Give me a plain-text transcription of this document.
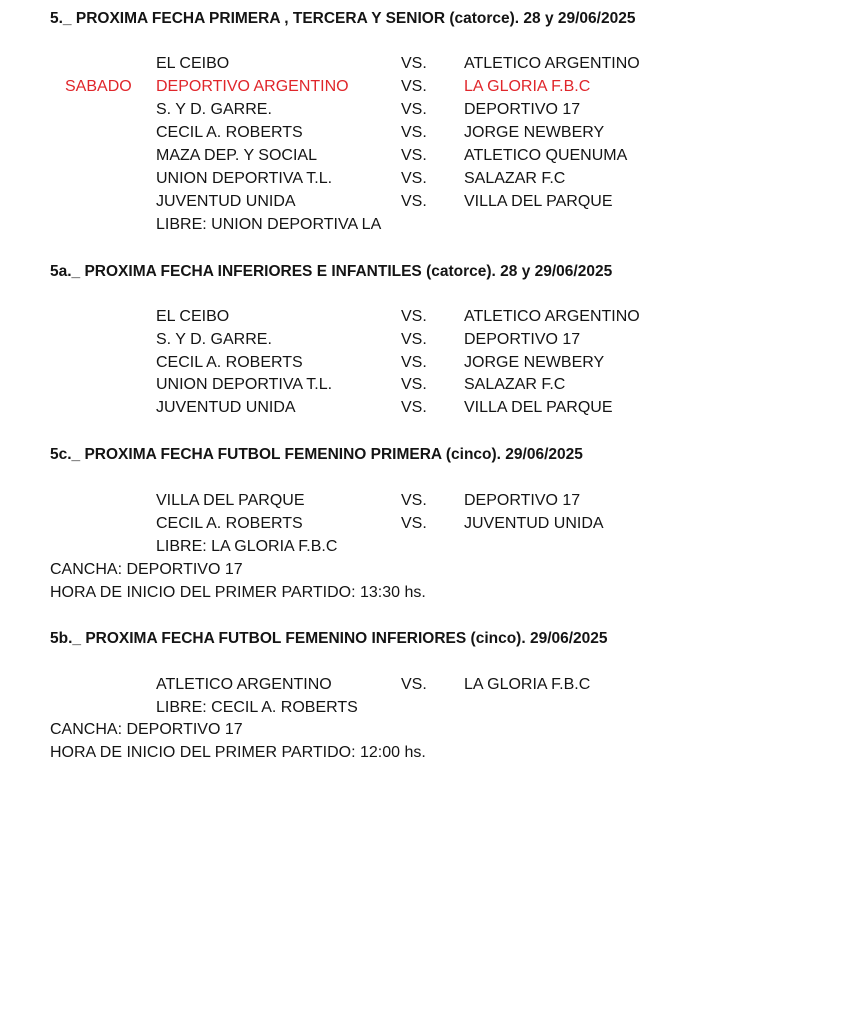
5._ PROXIMA FECHA PRIMERA , TERCERA Y SENIOR (catorce). 28 y 29/06/2025
EL CEIBO	VS. ATLETICO ARGENTINO
SABADO DEPORTIVO ARGENTINO	VS. LA GLORIA F.B.C
S. Y D. GARRE.	VS. DEPORTIVO 17
CECIL A. ROBERTS	VS. JORGE NEWBERY
MAZA DEP. Y SOCIAL	VS. ATLETICO QUENUMA
UNION DEPORTIVA T.L.	VS. SALAZAR F.C
JUVENTUD UNIDA	VS. VILLA DEL PARQUE
LIBRE: UNION DEPORTIVA LA
5a._ PROXIMA FECHA INFERIORES E INFANTILES (catorce). 28 y 29/06/2025
EL CEIBO	VS. ATLETICO ARGENTINO
S. Y D. GARRE.	VS. DEPORTIVO 17
CECIL A. ROBERTS	VS. JORGE NEWBERY
UNION DEPORTIVA T.L.	VS. SALAZAR F.C
JUVENTUD UNIDA	VS. VILLA DEL PARQUE
5c._ PROXIMA FECHA FUTBOL FEMENINO PRIMERA (cinco). 29/06/2025
VILLA DEL PARQUE	VS. DEPORTIVO 17
CECIL A. ROBERTS	VS. JUVENTUD UNIDA
LIBRE: LA GLORIA F.B.C
CANCHA: DEPORTIVO 17
HORA DE INICIO DEL PRIMER PARTIDO: 13:30 hs.
5b._ PROXIMA FECHA FUTBOL FEMENINO INFERIORES (cinco). 29/06/2025
ATLETICO ARGENTINO	VS. LA GLORIA F.B.C
LIBRE: CECIL A. ROBERTS
CANCHA: DEPORTIVO 17
HORA DE INICIO DEL PRIMER PARTIDO: 12:00 hs.
